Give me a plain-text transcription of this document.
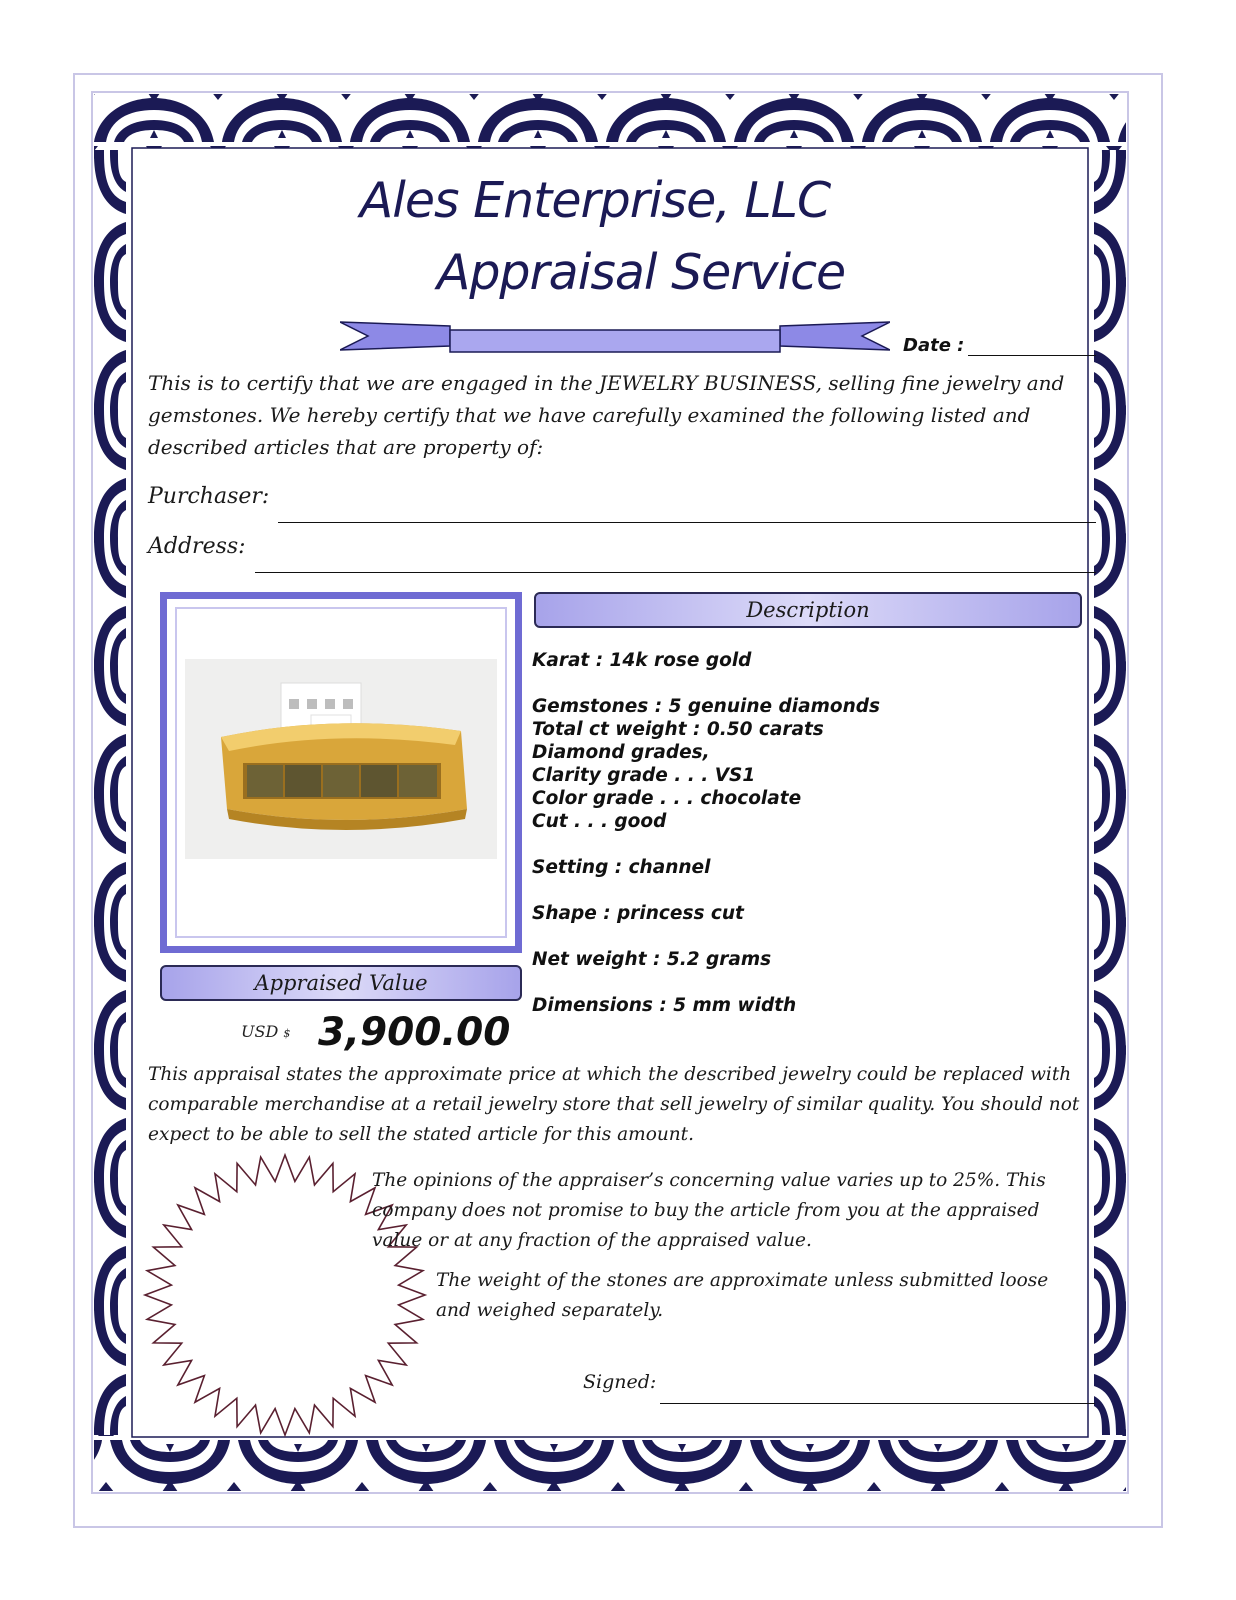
Ales Enterprise, LLC
Appraisal Service
Date :

This is to certify that we are engaged in the JEWELRY BUSINESS, selling fine jewelry and gemstones. We hereby certify that we have carefully examined the following listed and described articles that are property of:

Purchaser:
Address:
Description

Karat : 14k rose gold

Gemstones : 5 genuine diamonds

Total ct weight : 0.50 carats

Diamond grades,

Clarity grade . . . VS1

Color grade . . . chocolate

Cut . . . good

Setting : channel

Shape : princess cut

Net weight : 5.2 grams

Dimensions : 5 mm width

Appraised Value
USD $ 3,900.00

This appraisal states the approximate price at which the described jewelry could be replaced with comparable merchandise at a retail jewelry store that sell jewelry of similar quality. You should not expect to be able to sell the stated article for this amount.

The opinions of the appraiser’s concerning value varies up to 25%. This company does not promise to buy the article from you at the appraised value or at any fraction of the appraised value.

The weight of the stones are approximate unless submitted loose and weighed separately.

Signed:
